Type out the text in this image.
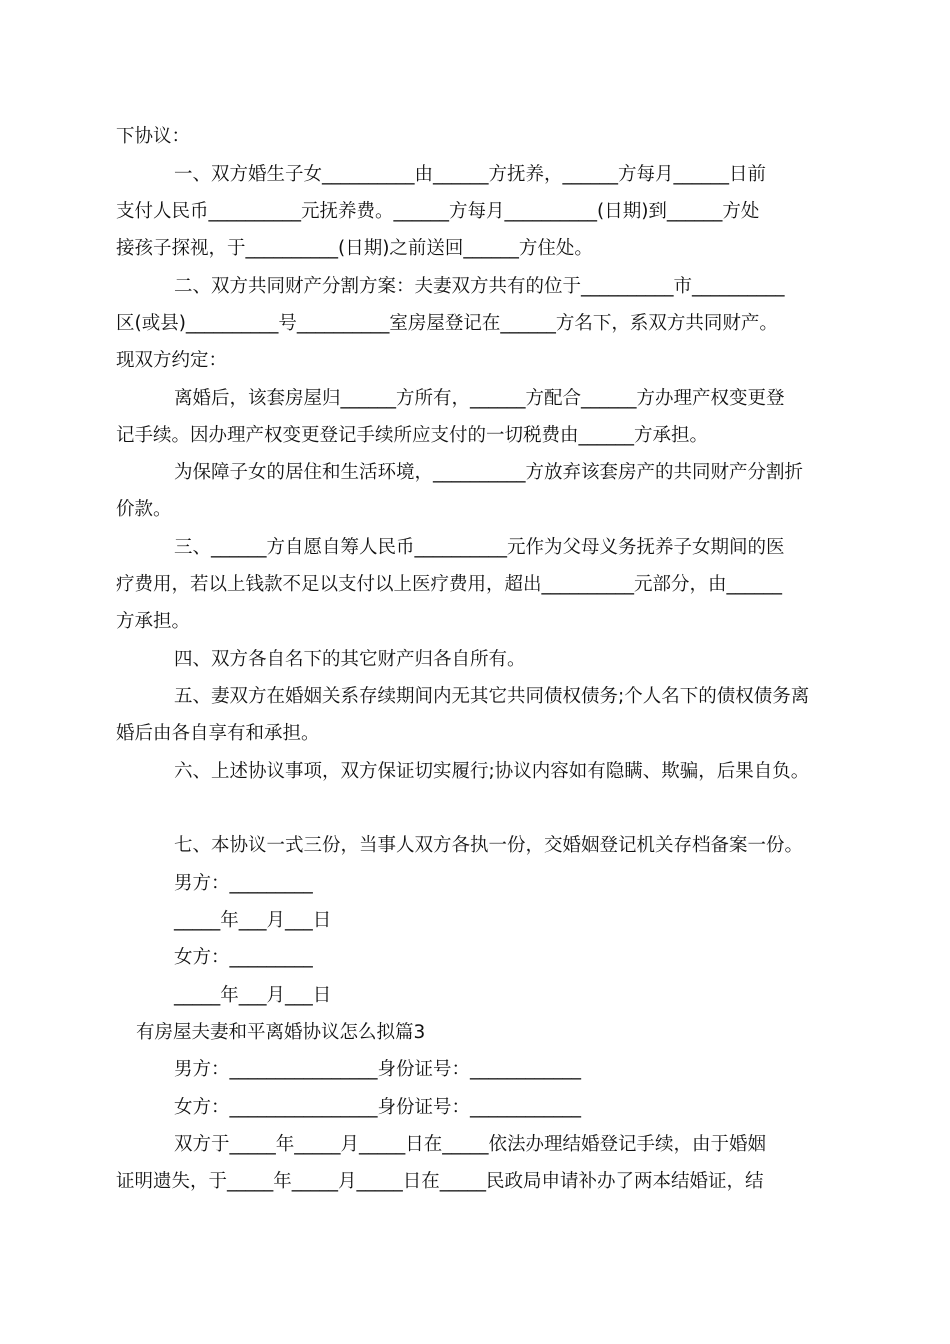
下协议：

一、双方婚生子女__________由______方抚养，______方每月______日前

支付人民币__________元抚养费。______方每月__________(日期)到______方处

接孩子探视，于__________(日期)之前送回______方住处。

二、双方共同财产分割方案：夫妻双方共有的位于__________市__________

区(或县)__________号__________室房屋登记在______方名下，系双方共同财产。

现双方约定：

离婚后，该套房屋归______方所有，______方配合______方办理产权变更登

记手续。因办理产权变更登记手续所应支付的一切税费由______方承担。

为保障子女的居住和生活环境，__________方放弃该套房产的共同财产分割折

价款。

三、______方自愿自筹人民币__________元作为父母义务抚养子女期间的医

疗费用，若以上钱款不足以支付以上医疗费用，超出__________元部分，由______

方承担。

四、双方各自名下的其它财产归各自所有。

五、妻双方在婚姻关系存续期间内无其它共同债权债务;个人名下的债权债务离

婚后由各自享有和承担。

六、上述协议事项，双方保证切实履行;协议内容如有隐瞒、欺骗，后果自负。

七、本协议一式三份，当事人双方各执一份，交婚姻登记机关存档备案一份。

男方：_________

_____年___月___日

女方：_________

_____年___月___日

有房屋夫妻和平离婚协议怎么拟篇3

男方：________________身份证号：____________

女方：________________身份证号：____________

双方于_____年_____月_____日在_____依法办理结婚登记手续，由于婚姻

证明遗失，于_____年_____月_____日在_____民政局申请补办了两本结婚证，结
